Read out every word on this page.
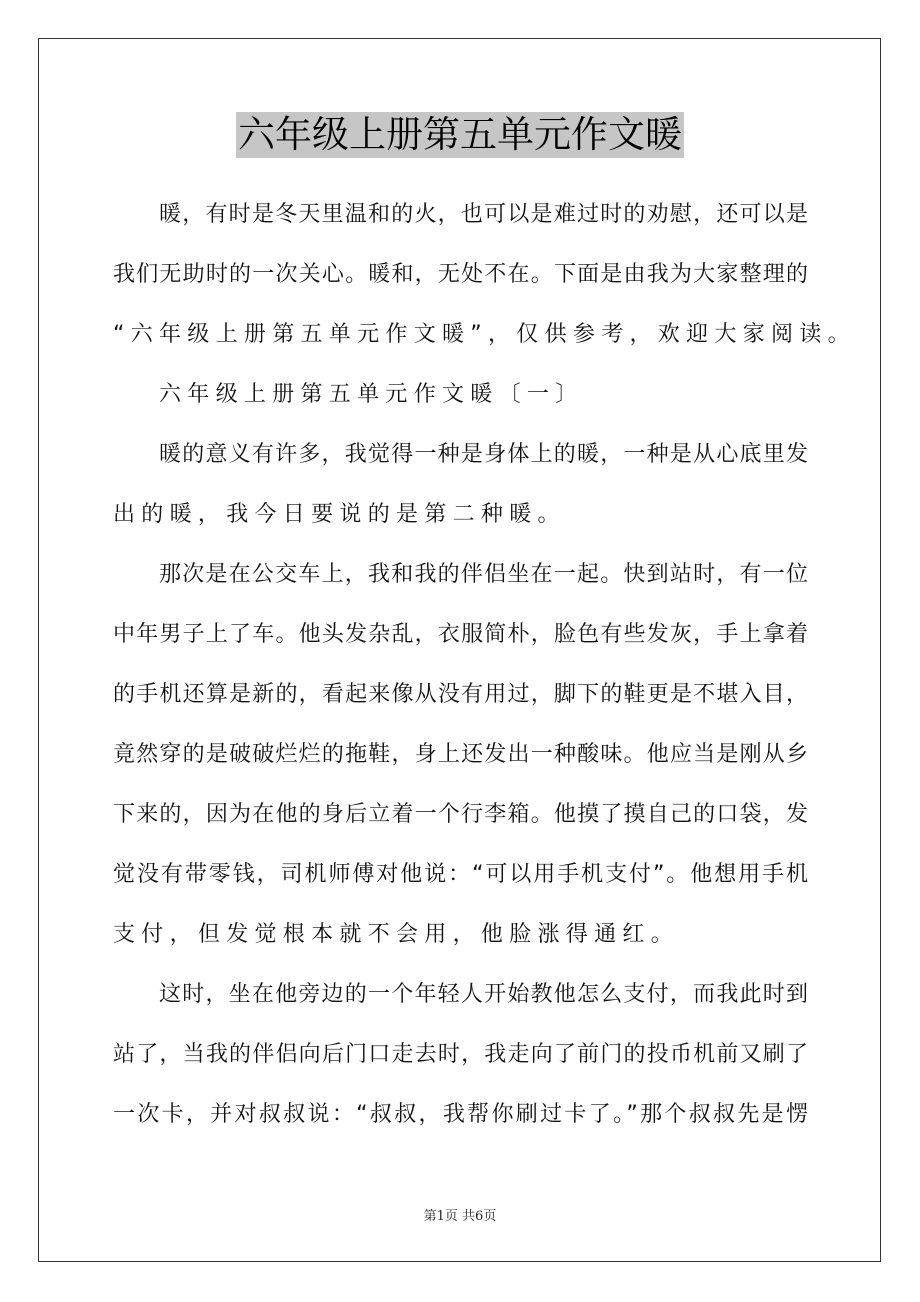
六年级上册第五单元作文暖
暖，有时是冬天里温和的火，也可以是难过时的劝慰，还可以是
我们无助时的一次关心。暖和，无处不在。下面是由我为大家整理的
“六年级上册第五单元作文暖”，仅供参考，欢迎大家阅读。
六年级上册第五单元作文暖〔一〕
暖的意义有许多，我觉得一种是身体上的暖，一种是从心底里发
出的暖，我今日要说的是第二种暖。
那次是在公交车上，我和我的伴侣坐在一起。快到站时，有一位
中年男子上了车。他头发杂乱，衣服简朴，脸色有些发灰，手上拿着
的手机还算是新的，看起来像从没有用过，脚下的鞋更是不堪入目，
竟然穿的是破破烂烂的拖鞋，身上还发出一种酸味。他应当是刚从乡
下来的，因为在他的身后立着一个行李箱。他摸了摸自己的口袋，发
觉没有带零钱，司机师傅对他说：“可以用手机支付”。他想用手机
支付，但发觉根本就不会用，他脸涨得通红。
这时，坐在他旁边的一个年轻人开始教他怎么支付，而我此时到
站了，当我的伴侣向后门口走去时，我走向了前门的投币机前又刷了
一次卡，并对叔叔说：“叔叔，我帮你刷过卡了。”那个叔叔先是愣
第1页 共6页
